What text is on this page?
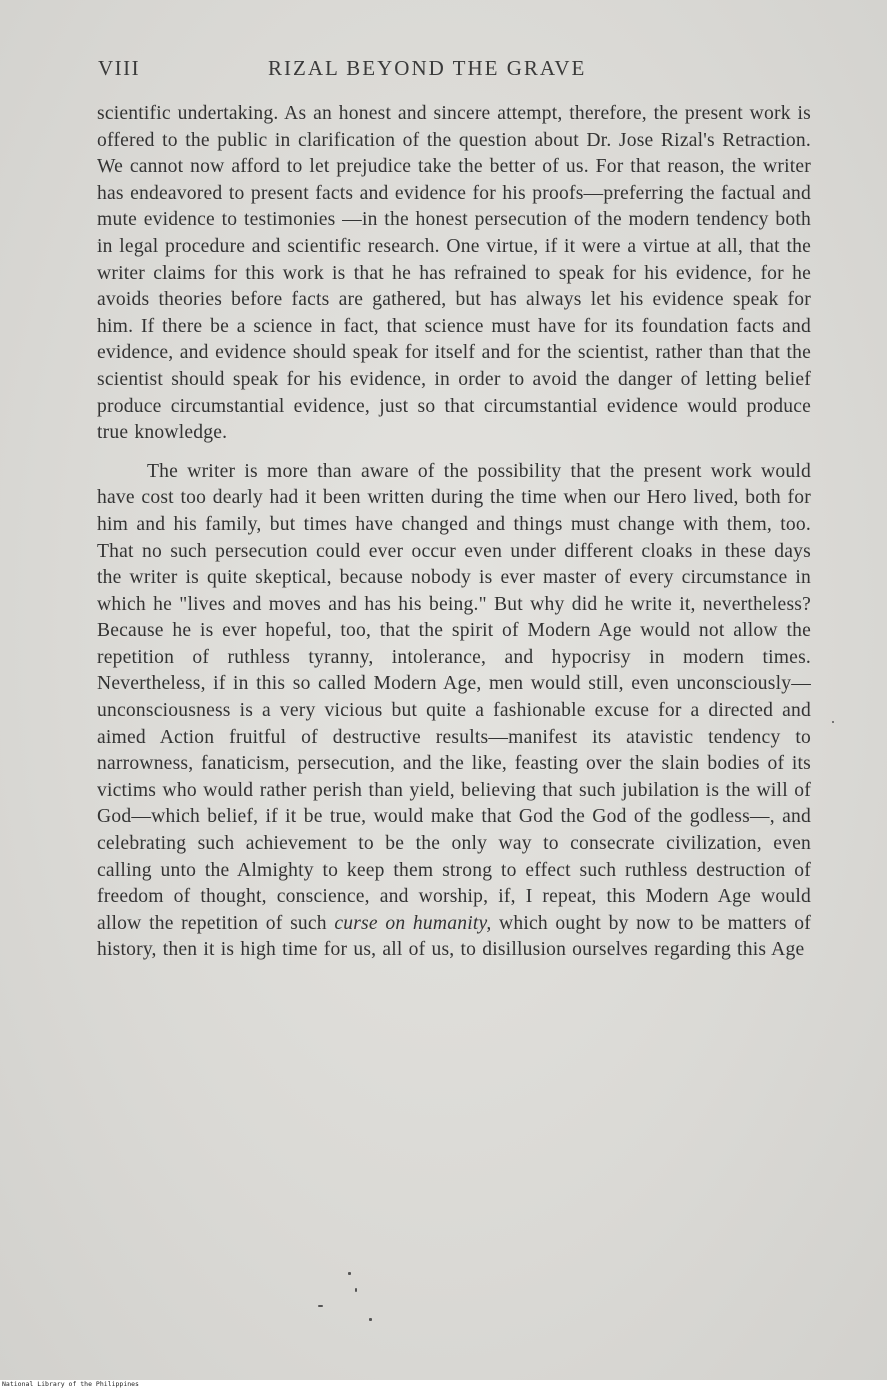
VIII	RIZAL BEYOND THE GRAVE

scientific undertaking. As an honest and sincere attempt, therefore, the present work is offered to the public in clarification of the question about Dr. Jose Rizal's Retraction. We cannot now afford to let prejudice take the better of us. For that reason, the writer has endeavored to present facts and evidence for his proofs—preferring the factual and mute evidence to testimonies —in the honest persecution of the modern tendency both in legal procedure and scientific research. One virtue, if it were a virtue at all, that the writer claims for this work is that he has refrained to speak for his evidence, for he avoids theories before facts are gathered, but has always let his evidence speak for him. If there be a science in fact, that science must have for its foundation facts and evidence, and evidence should speak for itself and for the scientist, rather than that the scientist should speak for his evidence, in order to avoid the danger of letting belief produce circumstantial evidence, just so that circumstantial evidence would produce true knowledge.

The writer is more than aware of the possibility that the present work would have cost too dearly had it been written during the time when our Hero lived, both for him and his family, but times have changed and things must change with them, too. That no such persecution could ever occur even under different cloaks in these days the writer is quite skeptical, because nobody is ever master of every circumstance in which he "lives and moves and has his being." But why did he write it, nevertheless? Because he is ever hopeful, too, that the spirit of Modern Age would not allow the repetition of ruthless tyranny, intolerance, and hypocrisy in modern times. Nevertheless, if in this so called Modern Age, men would still, even unconsciously—unconsciousness is a very vicious but quite a fashionable excuse for a directed and aimed Action fruitful of destructive results—manifest its atavistic tendency to narrowness, fanaticism, persecution, and the like, feasting over the slain bodies of its victims who would rather perish than yield, believing that such jubilation is the will of God—which belief, if it be true, would make that God the God of the godless—, and celebrating such achievement to be the only way to consecrate civilization, even calling unto the Almighty to keep them strong to effect such ruthless destruction of freedom of thought, conscience, and worship, if, I repeat, this Modern Age would allow the repetition of such curse on humanity, which ought by now to be matters of history, then it is high time for us, all of us, to disillusion ourselves regarding this Age

National Library of the Philippines
